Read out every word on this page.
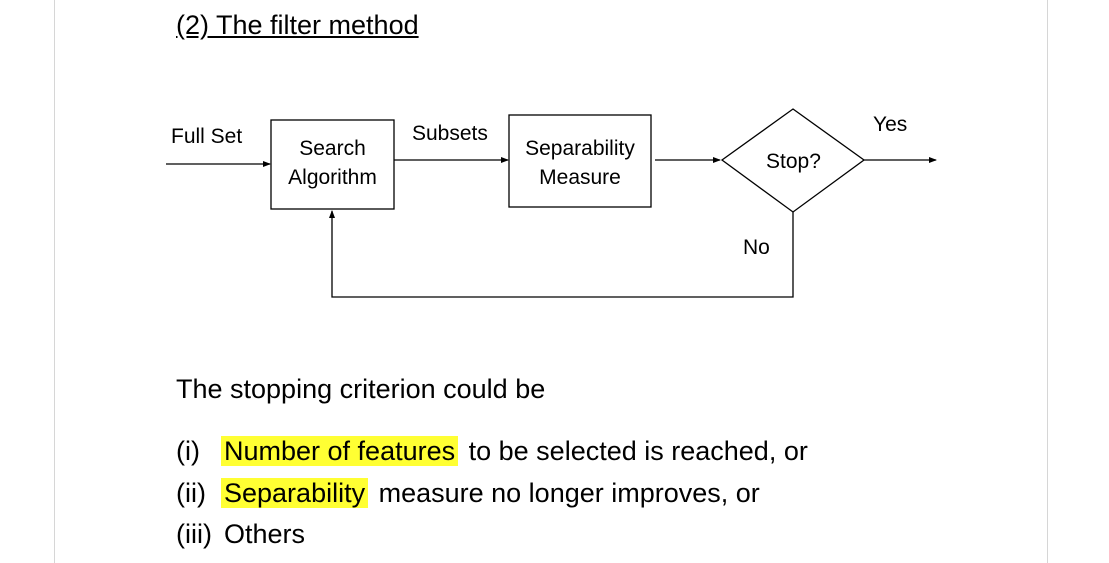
(2) The filter method
Full Set
Search
Algorithm
Subsets
Separability
Measure
Stop?
Yes
No
The stopping criterion could be
(i) Number of features to be selected is reached, or
(ii) Separability measure no longer improves, or
(iii) Others
